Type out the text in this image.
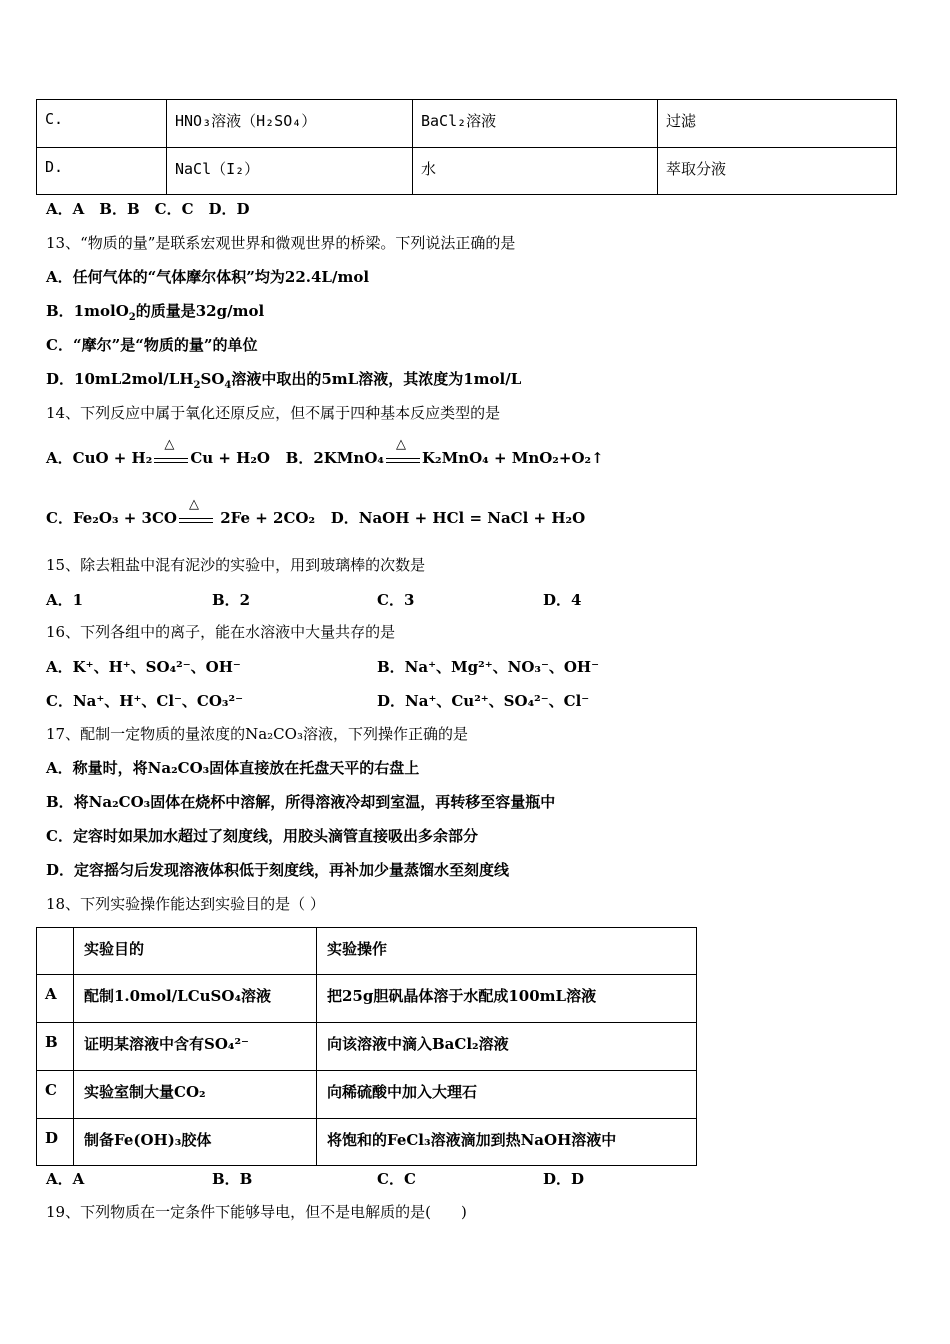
C.	HNO₃溶液（H₂SO₄）	BaCl₂溶液	过滤
D.	NaCl（I₂）	水	萃取分液
A．A　B．B　C．C　D．D
13、“物质的量”是联系宏观世界和微观世界的桥梁。下列说法正确的是
A．任何气体的“气体摩尔体积”均为22.4L/mol
B．1molO$_2$的质量是32g/mol
C．“摩尔”是“物质的量”的单位
D．$10mL2mol/LH_2SO_4$溶液中取出的5mL溶液，其浓度为1mol/L
14、下列反应中属于氧化还原反应，但不属于四种基本反应类型的是
A．CuO + H₂
△
Cu + H₂O B．2KMnO₄
△
K₂MnO₄ + MnO₂+O₂↑
C．Fe₂O₃ + 3CO
△
2Fe + 2CO₂ D．NaOH + HCl = NaCl + H₂O
15、除去粗盐中混有泥沙的实验中，用到玻璃棒的次数是
A．1	B．2	C．3	D．4
16、下列各组中的离子，能在水溶液中大量共存的是
A．K⁺、H⁺、SO₄²⁻、OH⁻	B．Na⁺、Mg²⁺、NO₃⁻、OH⁻
C．Na⁺、H⁺、Cl⁻、CO₃²⁻	D．Na⁺、Cu²⁺、SO₄²⁻、Cl⁻
17、配制一定物质的量浓度的Na₂CO₃溶液，下列操作正确的是
A．称量时，将Na₂CO₃固体直接放在托盘天平的右盘上
B．将Na₂CO₃固体在烧杯中溶解，所得溶液冷却到室温，再转移至容量瓶中
C．定容时如果加水超过了刻度线，用胶头滴管直接吸出多余部分
D．定容摇匀后发现溶液体积低于刻度线，再补加少量蒸馏水至刻度线
18、下列实验操作能达到实验目的是（ ）
	实验目的	实验操作
A	配制1.0mol/LCuSO₄溶液	把25g胆矾晶体溶于水配成100mL溶液
B	证明某溶液中含有SO₄²⁻	向该溶液中滴入BaCl₂溶液
C	实验室制大量CO₂	向稀硫酸中加入大理石
D	制备Fe(OH)₃胶体	将饱和的FeCl₃溶液滴加到热NaOH溶液中
A．A	B．B	C．C	D．D
19、下列物质在一定条件下能够导电，但不是电解质的是(　　)
